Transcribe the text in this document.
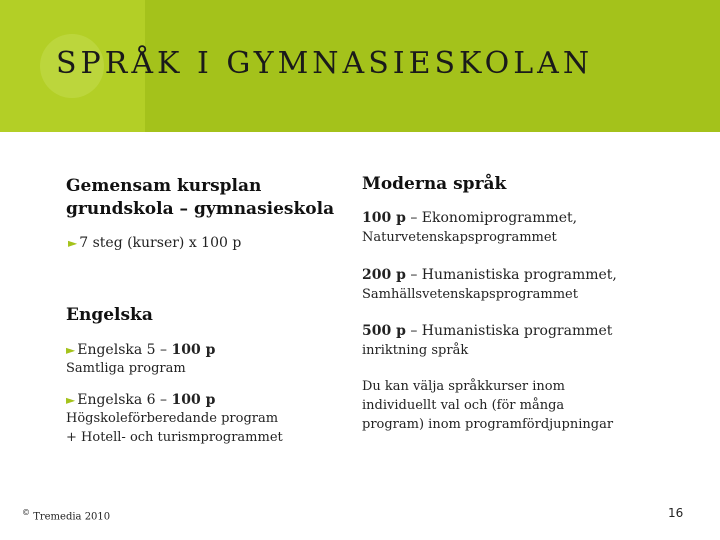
SPRÅK I GYMNASIESKOLAN
Gemensam kursplan
grundskola – gymnasieskola
► 7 steg (kurser) x 100 p
Engelska
► Engelska 5 – 100 p
Samtliga program
► Engelska 6 – 100 p
Högskoleförberedande program
+ Hotell- och turismprogrammet
Moderna språk
100 p – Ekonomiprogrammet,
Naturvetenskapsprogrammet
200 p – Humanistiska programmet,
Samhällsvetenskapsprogrammet
500 p – Humanistiska programmet
inriktning språk
Du kan välja språkkurser inom
individuellt val och (för många
program) inom programfördjupningar
© Tremedia 2010	16
